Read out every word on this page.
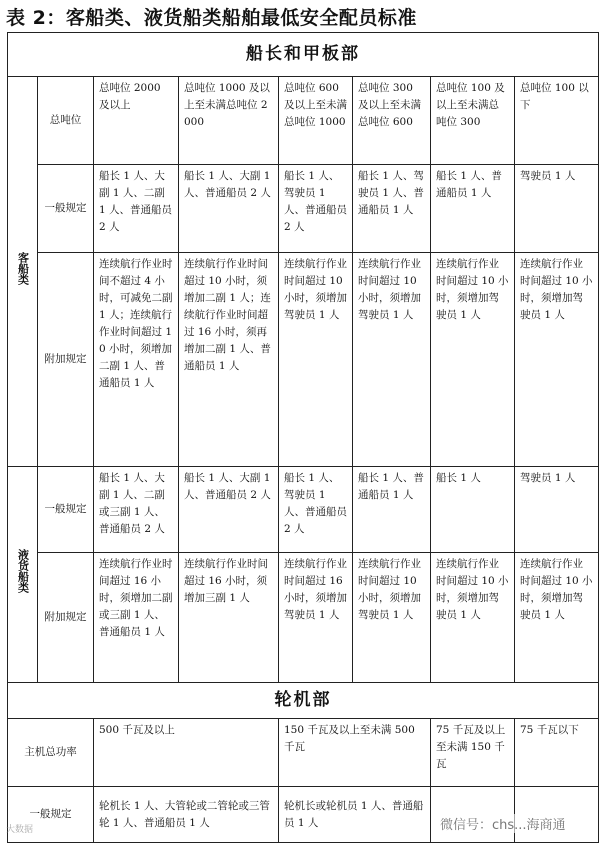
表 2：客船类、液货船类船舶最低安全配员标准
船长和甲板部							
客船类	总吨位	总吨位 2000 及以上	总吨位 1000 及以上至未满总吨位 2000	总吨位 600 及以上至未满总吨位 1000	总吨位 300 及以上至未满总吨位 600	总吨位 100 及以上至未满总吨位 300	总吨位 100 以下
	一般规定	船长 1 人、大副 1 人、二副 1 人、普通船员 2 人	船长 1 人、大副 1 人、普通船员 2 人	船长 1 人、驾驶员 1 人、普通船员 2 人	船长 1 人、驾驶员 1 人、普通船员 1 人	船长 1 人、普通船员 1 人	驾驶员 1 人
	附加规定	连续航行作业时间不超过 4 小时，可减免二副 1 人；连续航行作业时间超过 10 小时，须增加二副 1 人、普通船员 1 人	连续航行作业时间超过 10 小时，须增加二副 1 人；连续航行作业时间超过 16 小时，须再增加二副 1 人、普通船员 1 人	连续航行作业时间超过 10 小时，须增加驾驶员 1 人	连续航行作业时间超过 10 小时，须增加驾驶员 1 人	连续航行作业时间超过 10 小时，须增加驾驶员 1 人	连续航行作业时间超过 10 小时，须增加驾驶员 1 人
液货船类	一般规定	船长 1 人、大副 1 人、二副或三副 1 人、普通船员 2 人	船长 1 人、大副 1 人、普通船员 2 人	船长 1 人、驾驶员 1 人、普通船员 2 人	船长 1 人、普通船员 1 人	船长 1 人	驾驶员 1 人
	附加规定	连续航行作业时间超过 16 小时，须增加二副或三副 1 人、普通船员 1 人	连续航行作业时间超过 16 小时，须增加三副 1 人	连续航行作业时间超过 16 小时，须增加驾驶员 1 人	连续航行作业时间超过 10 小时，须增加驾驶员 1 人	连续航行作业时间超过 10 小时，须增加驾驶员 1 人	连续航行作业时间超过 10 小时，须增加驾驶员 1 人
轮机部							
主机总功率		500 千瓦及以上		150 千瓦及以上至未满 500 千瓦		75 千瓦及以上至未满 150 千瓦	75 千瓦以下
一般规定		轮机长 1 人、大管轮或二管轮或三管轮 1 人、普通船员 1 人		轮机长或轮机员 1 人、普通船员 1 人			
大数据	微信号：chs...海商通
